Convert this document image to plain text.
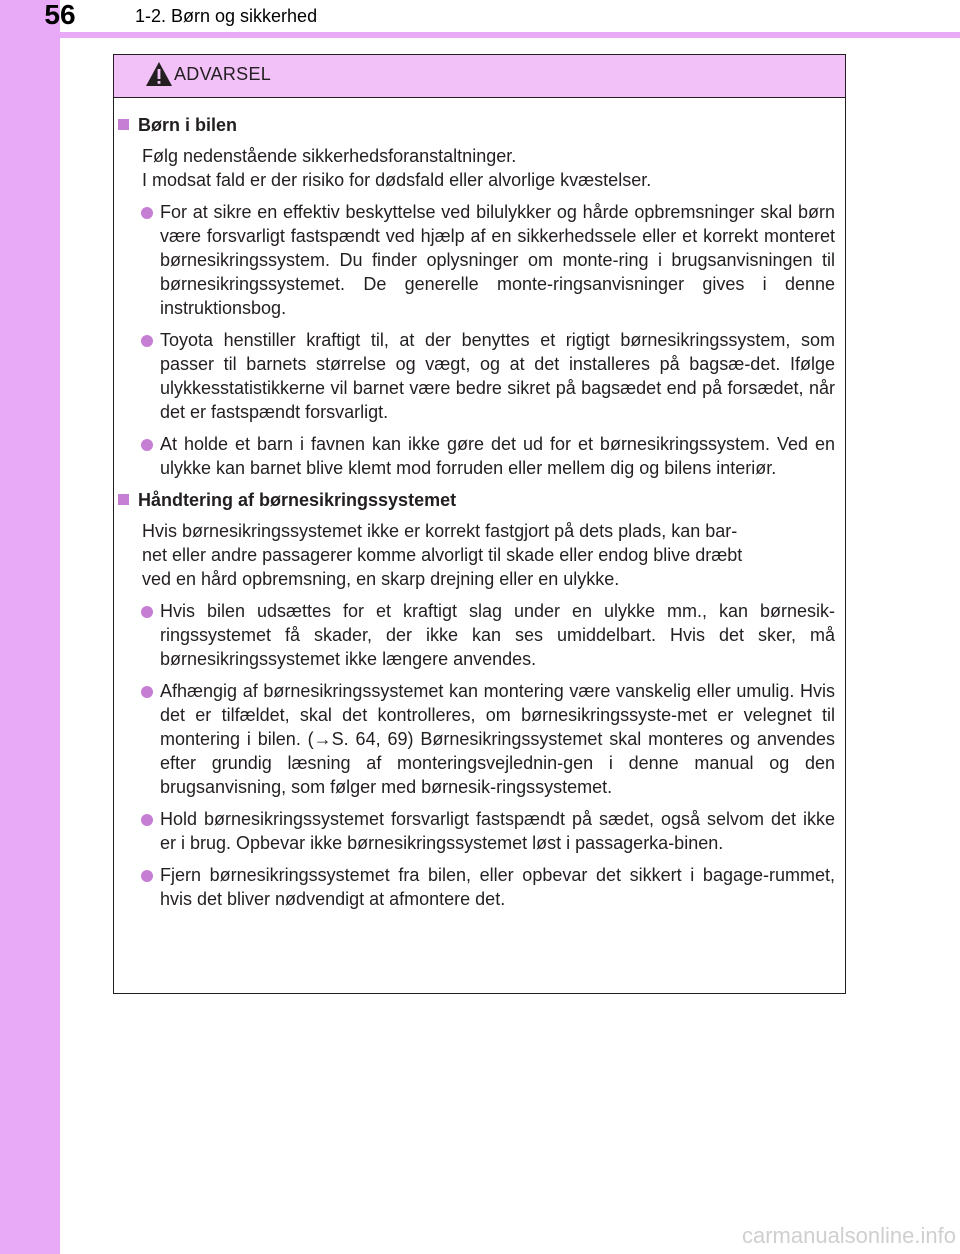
56	1-2. Børn og sikkerhed
ADVARSEL
Børn i bilen
Følg nedenstående sikkerhedsforanstaltninger.
I modsat fald er der risiko for dødsfald eller alvorlige kvæstelser.
For at sikre en effektiv beskyttelse ved bilulykker og hårde opbremsninger skal børn være forsvarligt fastspændt ved hjælp af en sikkerhedssele eller et korrekt monteret børnesikringssystem. Du finder oplysninger om monte-ring i brugsanvisningen til børnesikringssystemet. De generelle monte-ringsanvisninger gives i denne instruktionsbog.
Toyota henstiller kraftigt til, at der benyttes et rigtigt børnesikringssystem, som passer til barnets størrelse og vægt, og at det installeres på bagsæ-det. Ifølge ulykkesstatistikkerne vil barnet være bedre sikret på bagsædet end på forsædet, når det er fastspændt forsvarligt.
At holde et barn i favnen kan ikke gøre det ud for et børnesikringssystem. Ved en ulykke kan barnet blive klemt mod forruden eller mellem dig og bilens interiør.
Håndtering af børnesikringssystemet
Hvis børnesikringssystemet ikke er korrekt fastgjort på dets plads, kan bar-
net eller andre passagerer komme alvorligt til skade eller endog blive dræbt
ved en hård opbremsning, en skarp drejning eller en ulykke.
Hvis bilen udsættes for et kraftigt slag under en ulykke mm., kan børnesik-ringssystemet få skader, der ikke kan ses umiddelbart. Hvis det sker, må børnesikringssystemet ikke længere anvendes.
Afhængig af børnesikringssystemet kan montering være vanskelig eller umulig. Hvis det er tilfældet, skal det kontrolleres, om børnesikringssyste-met er velegnet til montering i bilen. (→S. 64, 69) Børnesikringssystemet skal monteres og anvendes efter grundig læsning af monteringsvejlednin-gen i denne manual og den brugsanvisning, som følger med børnesik-ringssystemet.
Hold børnesikringssystemet forsvarligt fastspændt på sædet, også selvom det ikke er i brug. Opbevar ikke børnesikringssystemet løst i passagerka-binen.
Fjern børnesikringssystemet fra bilen, eller opbevar det sikkert i bagage-rummet, hvis det bliver nødvendigt at afmontere det.
carmanualsonline.info
